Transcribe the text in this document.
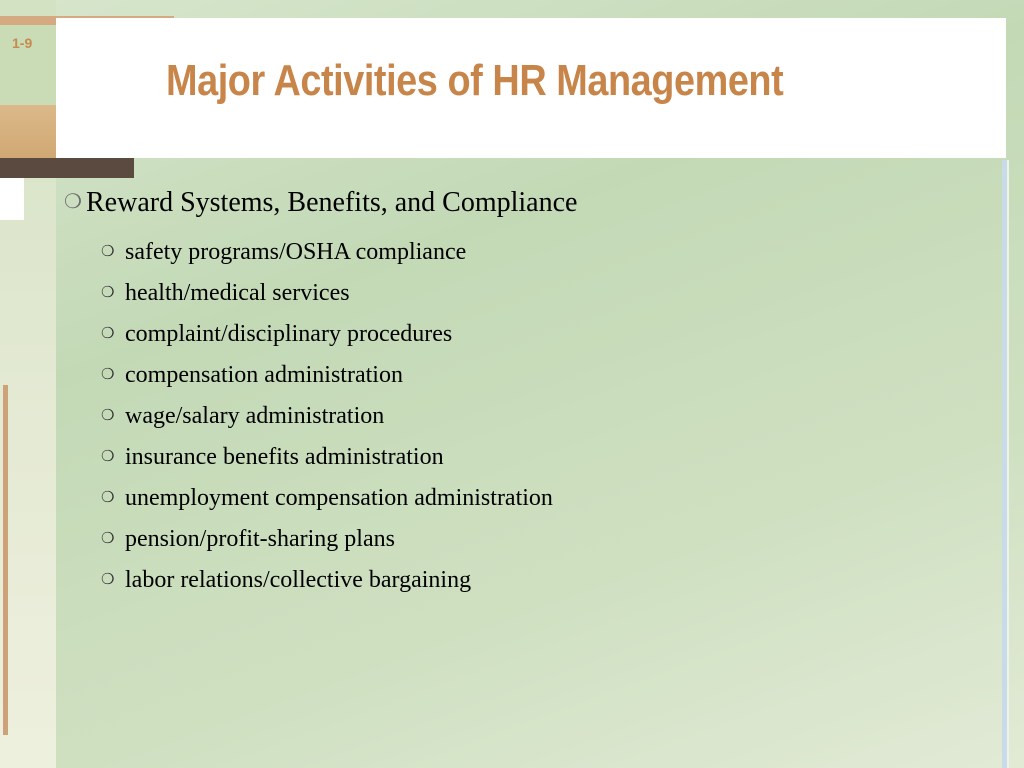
1-9
Major Activities of HR Management
❍ Reward Systems, Benefits, and Compliance
❍ safety programs/OSHA compliance
❍ health/medical services
❍ complaint/disciplinary procedures
❍ compensation administration
❍ wage/salary administration
❍ insurance benefits administration
❍ unemployment compensation administration
❍ pension/profit-sharing plans
❍ labor relations/collective bargaining
